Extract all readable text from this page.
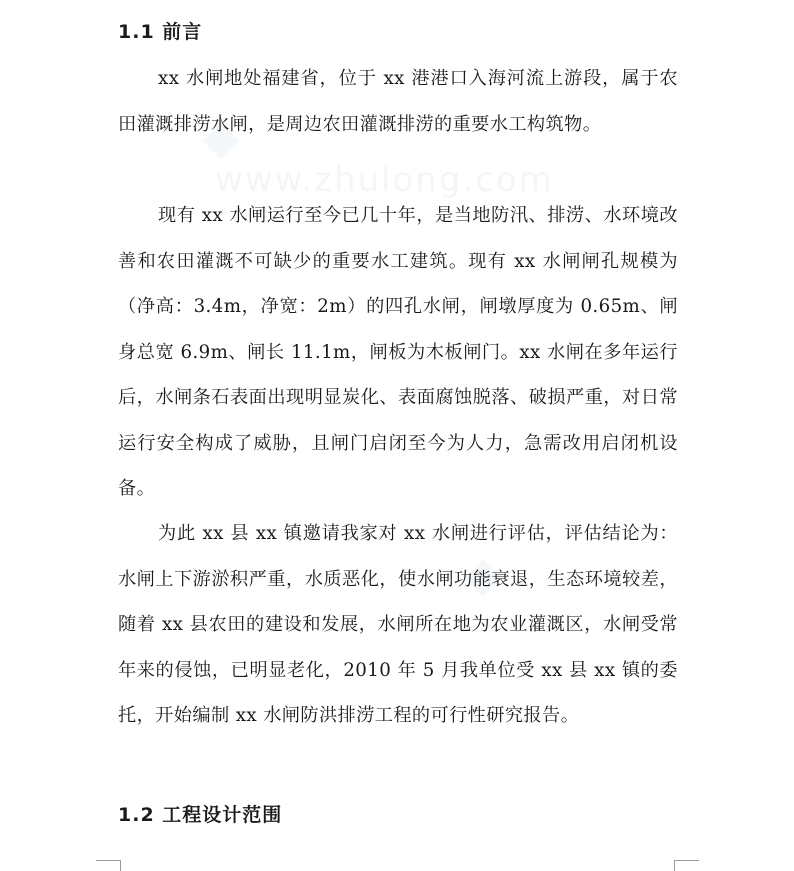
www.zhulong.com
1.1 前言

xx 水闸地处福建省，位于 xx 港港口入海河流上游段，属于农田灌溉排涝水闸，是周边农田灌溉排涝的重要水工构筑物。

现有 xx 水闸运行至今已几十年，是当地防汛、排涝、水环境改善和农田灌溉不可缺少的重要水工建筑。现有 xx 水闸闸孔规模为（净高：3.4m，净宽：2m）的四孔水闸，闸墩厚度为 0.65m、闸身总宽 6.9m、闸长 11.1m，闸板为木板闸门。xx 水闸在多年运行后，水闸条石表面出现明显炭化、表面腐蚀脱落、破损严重，对日常运行安全构成了威胁，且闸门启闭至今为人力，急需改用启闭机设备。

为此 xx 县 xx 镇邀请我家对 xx 水闸进行评估，评估结论为：水闸上下游淤积严重，水质恶化，使水闸功能衰退，生态环境较差，随着 xx 县农田的建设和发展，水闸所在地为农业灌溉区，水闸受常年来的侵蚀，已明显老化，2010 年 5 月我单位受 xx 县 xx 镇的委托，开始编制 xx 水闸防洪排涝工程的可行性研究报告。

1.2 工程设计范围
